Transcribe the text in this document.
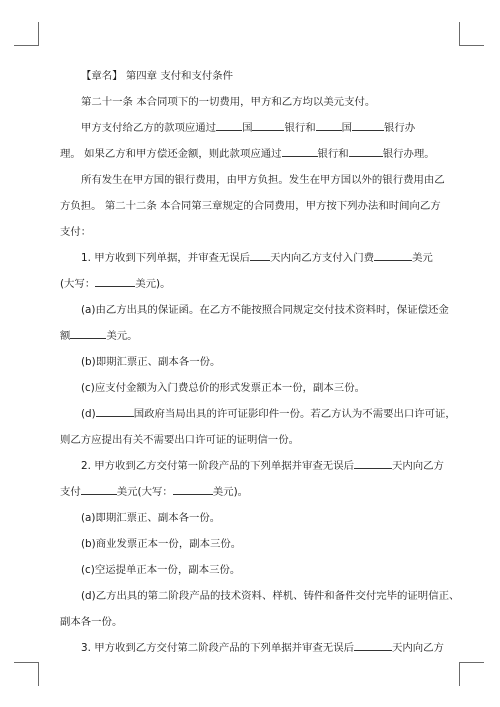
【章名】 第四章 支付和支付条件
第二十一条 本合同项下的一切费用，甲方和乙方均以美元支付。
甲方支付给乙方的款项应通过	国	银行和	国	银行办
理。 如果乙方和甲方偿还金额，则此款项应通过	银行和	银行办理。
所有发生在甲方国的银行费用，由甲方负担。发生在甲方国以外的银行费用由乙
方负担。 第二十二条 本合同第三章规定的合同费用，甲方按下列办法和时间向乙方
支付：
1. 甲方收到下列单据，并审查无误后 天内向乙方支付入门费	美元
(大写：	美元)。
(a)由乙方出具的保证函。在乙方不能按照合同规定交付技术资料时，保证偿还金
额	美元。
(b)即期汇票正、副本各一份。
(c)应支付金额为入门费总价的形式发票正本一份，副本三份。
(d)	国政府当局出具的许可证影印件一份。若乙方认为不需要出口许可证，
则乙方应提出有关不需要出口许可证的证明信一份。
2. 甲方收到乙方交付第一阶段产品的下列单据并审查无误后	天内向乙方
支付	美元(大写：	美元)。
(a)即期汇票正、副本各一份。
(b)商业发票正本一份，副本三份。
(c)空运提单正本一份，副本三份。
(d)乙方出具的第二阶段产品的技术资料、样机、铸件和备件交付完毕的证明信正、
副本各一份。
3. 甲方收到乙方交付第二阶段产品的下列单据并审查无误后	天内向乙方
